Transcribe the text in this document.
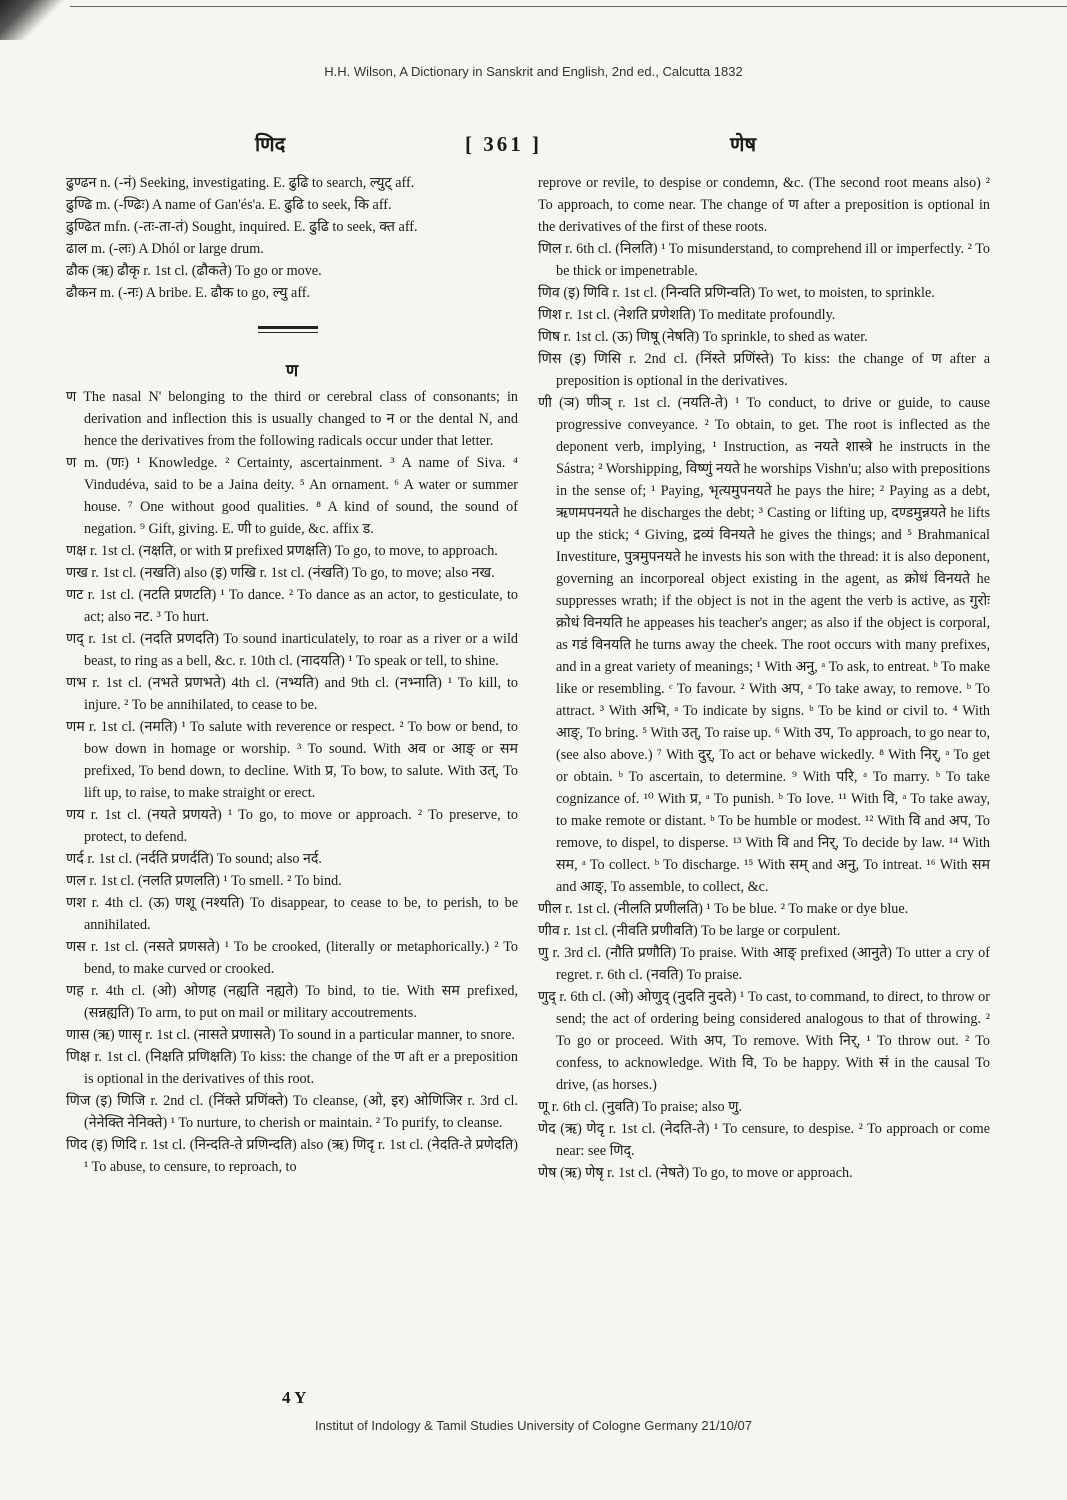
H.H. Wilson, A Dictionary in Sanskrit and English, 2nd ed., Calcutta 1832
णिद	[ 361 ]	णेष

ढुण्ढन n. (-नं) Seeking, investigating. E. ढुढि to search, ल्युट् aff.

ढुण्ढि m. (-ण्ढिः) A name of Gan'és'a. E. ढुढि to seek, कि aff.

ढुण्ढित mfn. (-तः-ता-तं) Sought, inquired. E. ढुढि to seek, क्त aff.

ढाल m. (-लः) A Dhól or large drum.

ढौक (ऋ) ढौकृ r. 1st cl. (ढौकते) To go or move.

ढौकन m. (-नः) A bribe. E. ढौक to go, ल्यु aff.

ण

ण The nasal N' belonging to the third or cerebral class of consonants; in derivation and inflection this is usually changed to न or the dental N, and hence the derivatives from the following radicals occur under that letter.

ण m. (णः) ¹ Knowledge. ² Certainty, ascertainment. ³ A name of Siva. ⁴ Vindudéva, said to be a Jaina deity. ⁵ An ornament. ⁶ A water or summer house. ⁷ One without good qualities. ⁸ A kind of sound, the sound of negation. ⁹ Gift, giving. E. णी to guide, &c. affix ड.

णक्ष r. 1st cl. (नक्षति, or with प्र prefixed प्रणक्षति) To go, to move, to approach.

णख r. 1st cl. (नखति) also (इ) णखि r. 1st cl. (नंखति) To go, to move; also नख.

णट r. 1st cl. (नटति प्रणटति) ¹ To dance. ² To dance as an actor, to gesticulate, to act; also नट. ³ To hurt.

णद् r. 1st cl. (नदति प्रणदति) To sound inarticulately, to roar as a river or a wild beast, to ring as a bell, &c. r. 10th cl. (नादयति) ¹ To speak or tell, to shine.

णभ r. 1st cl. (नभते प्रणभते) 4th cl. (नभ्यति) and 9th cl. (नभ्नाति) ¹ To kill, to injure. ² To be annihilated, to cease to be.

णम r. 1st cl. (नमति) ¹ To salute with reverence or respect. ² To bow or bend, to bow down in homage or worship. ³ To sound. With अव or आङ् or सम prefixed, To bend down, to decline. With प्र, To bow, to salute. With उत्, To lift up, to raise, to make straight or erect.

णय r. 1st cl. (नयते प्रणयते) ¹ To go, to move or approach. ² To preserve, to protect, to defend.

णर्द r. 1st cl. (नर्दति प्रणर्दति) To sound; also नर्द.

णल r. 1st cl. (नलति प्रणलति) ¹ To smell. ² To bind.

णश r. 4th cl. (ऊ) णशू (नश्यति) To disappear, to cease to be, to perish, to be annihilated.

णस r. 1st cl. (नसते प्रणसते) ¹ To be crooked, (literally or metaphorically.) ² To bend, to make curved or crooked.

णह r. 4th cl. (ओ) ओणह (नह्यति नह्यते) To bind, to tie. With सम prefixed, (सन्नह्यति) To arm, to put on mail or military accoutrements.

णास (ऋ) णासृ r. 1st cl. (नासते प्रणासते) To sound in a particular manner, to snore.

णिक्ष r. 1st cl. (निक्षति प्रणिक्षति) To kiss: the change of the ण aft er a preposition is optional in the derivatives of this root.

णिज (इ) णिजि r. 2nd cl. (निंक्ते प्रणिंक्ते) To cleanse, (ओ, इर) ओणिजिर r. 3rd cl. (नेनेक्ति नेनिक्ते) ¹ To nurture, to cherish or maintain. ² To purify, to cleanse.

णिद (इ) णिदि r. 1st cl. (निन्दति-ते प्रणिन्दति) also (ऋ) णिदृ r. 1st cl. (नेदति-ते प्रणेदति) ¹ To abuse, to censure, to reproach, to

reprove or revile, to despise or condemn, &c. (The second root means also) ² To approach, to come near. The change of ण after a preposition is optional in the derivatives of the first of these roots.

णिल r. 6th cl. (निलति) ¹ To misunderstand, to comprehend ill or imperfectly. ² To be thick or impenetrable.

णिव (इ) णिवि r. 1st cl. (निन्वति प्रणिन्वति) To wet, to moisten, to sprinkle.

णिश r. 1st cl. (नेशति प्रणेशति) To meditate profoundly.

णिष r. 1st cl. (ऊ) णिषू (नेषति) To sprinkle, to shed as water.

णिस (इ) णिसि r. 2nd cl. (निंस्ते प्रणिंस्ते) To kiss: the change of ण after a preposition is optional in the derivatives.

णी (ञ) णीञ् r. 1st cl. (नयति-ते) ¹ To conduct, to drive or guide, to cause progressive conveyance. ² To obtain, to get. The root is inflected as the deponent verb, implying, ¹ Instruction, as नयते शास्त्रे he instructs in the Sástra; ² Worshipping, विष्णुं नयते he worships Vishn'u; also with prepositions in the sense of; ¹ Paying, भृत्यमुपनयते he pays the hire; ² Paying as a debt, ऋणमपनयते he discharges the debt; ³ Casting or lifting up, दण्डमुन्नयते he lifts up the stick; ⁴ Giving, द्रव्यं विनयते he gives the things; and ⁵ Brahmanical Investiture, पुत्रमुपनयते he invests his son with the thread: it is also deponent, governing an incorporeal object existing in the agent, as क्रोधं विनयते he suppresses wrath; if the object is not in the agent the verb is active, as गुरोः क्रोधं विनयति he appeases his teacher's anger; as also if the object is corporal, as गडं विनयति he turns away the cheek. The root occurs with many prefixes, and in a great variety of meanings; ¹ With अनु, ᵃ To ask, to entreat. ᵇ To make like or resembling. ᶜ To favour. ² With अप, ᵃ To take away, to remove. ᵇ To attract. ³ With अभि, ᵃ To indicate by signs. ᵇ To be kind or civil to. ⁴ With आङ्, To bring. ⁵ With उत्, To raise up. ⁶ With उप, To approach, to go near to, (see also above.) ⁷ With दुर्, To act or behave wickedly. ⁸ With निर्, ᵃ To get or obtain. ᵇ To ascertain, to determine. ⁹ With परि, ᵃ To marry. ᵇ To take cognizance of. ¹⁰ With प्र, ᵃ To punish. ᵇ To love. ¹¹ With वि, ᵃ To take away, to make remote or distant. ᵇ To be humble or modest. ¹² With वि and अप, To remove, to dispel, to disperse. ¹³ With वि and निर्, To decide by law. ¹⁴ With सम, ᵃ To collect. ᵇ To discharge. ¹⁵ With सम् and अनु, To intreat. ¹⁶ With सम and आङ्, To assemble, to collect, &c.

णील r. 1st cl. (नीलति प्रणीलति) ¹ To be blue. ² To make or dye blue.

णीव r. 1st cl. (नीवति प्रणीवति) To be large or corpulent.

णु r. 3rd cl. (नौति प्रणौति) To praise. With आङ् prefixed (आनुते) To utter a cry of regret. r. 6th cl. (नवति) To praise.

णुद् r. 6th cl. (ओ) ओणुद् (नुदति नुदते) ¹ To cast, to command, to direct, to throw or send; the act of ordering being considered analogous to that of throwing. ² To go or proceed. With अप, To remove. With निर्, ¹ To throw out. ² To confess, to acknowledge. With वि, To be happy. With सं in the causal To drive, (as horses.)

णू r. 6th cl. (नुवति) To praise; also णु.

णेद (ऋ) णेदृ r. 1st cl. (नेदति-ते) ¹ To censure, to despise. ² To approach or come near: see णिद्.

णेष (ऋ) णेषृ r. 1st cl. (नेषते) To go, to move or approach.

4 Y
Institut of Indology & Tamil Studies University of Cologne Germany 21/10/07
